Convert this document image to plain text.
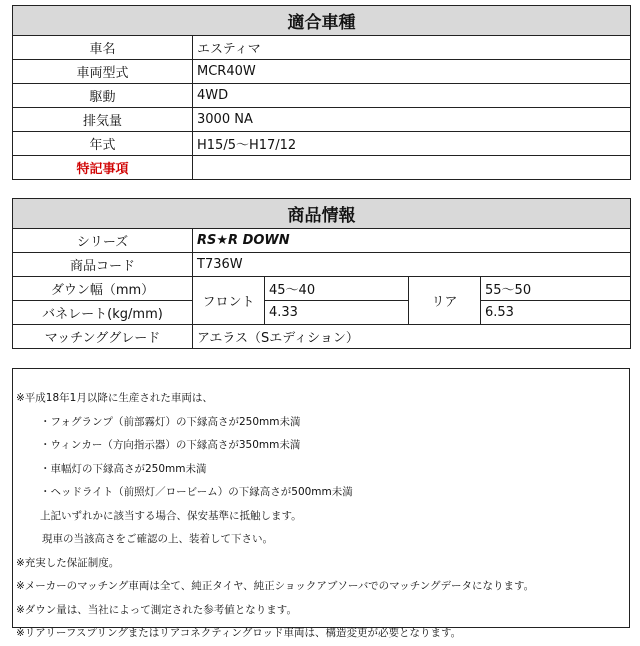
適合車種	
車名	エスティマ
車両型式	MCR40W
駆動	4WD
排気量	3000 NA
年式	H15/5〜H17/12
特記事項	
商品情報				
シリーズ	RS★R DOWN			
商品コード	T736W			
ダウン幅（mm）	フロント	45〜40	リア	55〜50
バネレート(kg/mm)		4.33		6.53
マッチンググレード	アエラス（Sエディション）			
※平成18年1月以降に生産された車両は、
・フォグランプ（前部霧灯）の下縁高さが250mm未満
・ウィンカー（方向指示器）の下縁高さが350mm未満
・車幅灯の下縁高さが250mm未満
・ヘッドライト（前照灯／ロービーム）の下縁高さが500mm未満
上記いずれかに該当する場合、保安基準に抵触します。
現車の当該高さをご確認の上、装着して下さい。
※充実した保証制度。
※メーカーのマッチング車両は全て、純正タイヤ、純正ショックアブソーバでのマッチングデータになります。
※ダウン量は、当社によって測定された参考値となります。
※リアリーフスプリングまたはリアコネクティングロッド車両は、構造変更が必要となります。
